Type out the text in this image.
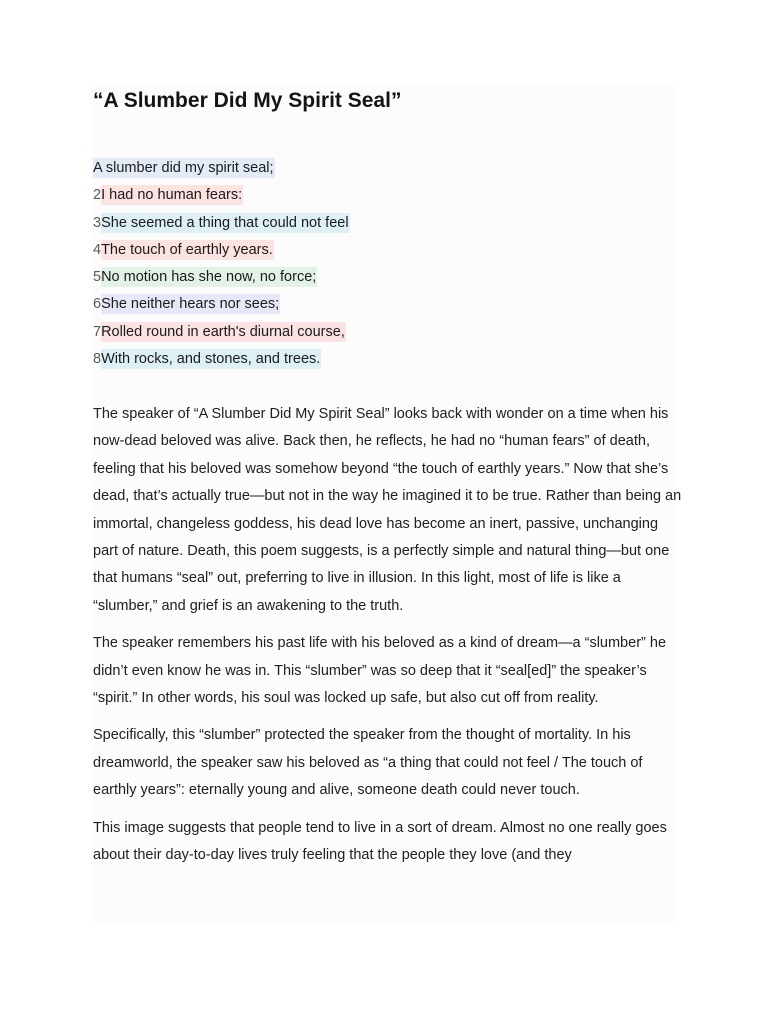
“A Slumber Did My Spirit Seal”
A slumber did my spirit seal;
2I had no human fears:
3She seemed a thing that could not feel
4The touch of earthly years.
5No motion has she now, no force;
6She neither hears nor sees;
7Rolled round in earth's diurnal course,
8With rocks, and stones, and trees.

The speaker of “A Slumber Did My Spirit Seal” looks back with wonder on a time when his now-dead beloved was alive. Back then, he reflects, he had no “human fears” of death, feeling that his beloved was somehow beyond “the touch of earthly years.” Now that she’s dead, that’s actually true—but not in the way he imagined it to be true. Rather than being an immortal, changeless goddess, his dead love has become an inert, passive, unchanging part of nature. Death, this poem suggests, is a perfectly simple and natural thing—but one that humans “seal” out, preferring to live in illusion. In this light, most of life is like a “slumber,” and grief is an awakening to the truth.

The speaker remembers his past life with his beloved as a kind of dream—a “slumber” he didn’t even know he was in. This “slumber” was so deep that it “seal[ed]” the speaker’s “spirit.” In other words, his soul was locked up safe, but also cut off from reality.

Specifically, this “slumber” protected the speaker from the thought of mortality. In his dreamworld, the speaker saw his beloved as “a thing that could not feel / The touch of earthly years”: eternally young and alive, someone death could never touch.

This image suggests that people tend to live in a sort of dream. Almost no one really goes about their day-to-day lives truly feeling that the people they love (and they
